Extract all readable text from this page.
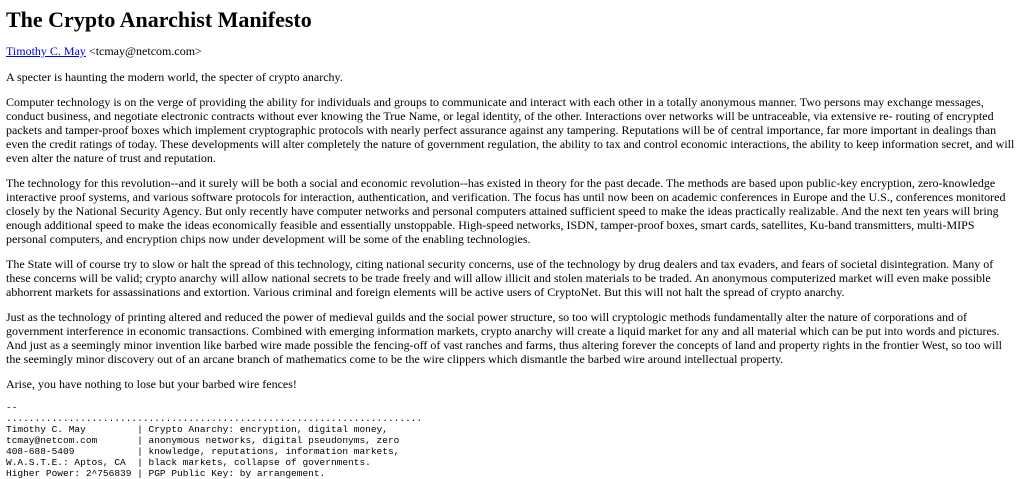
The Crypto Anarchist Manifesto
Timothy C. May <tcmay@netcom.com>

A specter is haunting the modern world, the specter of crypto anarchy.

Computer technology is on the verge of providing the ability for individuals and groups to communicate and interact with each other in a totally anonymous manner. Two persons may exchange messages, conduct business, and negotiate electronic contracts without ever knowing the True Name, or legal identity, of the other. Interactions over networks will be untraceable, via extensive re- routing of encrypted packets and tamper-proof boxes which implement cryptographic protocols with nearly perfect assurance against any tampering. Reputations will be of central importance, far more important in dealings than even the credit ratings of today. These developments will alter completely the nature of government regulation, the ability to tax and control economic interactions, the ability to keep information secret, and will even alter the nature of trust and reputation.

The technology for this revolution--and it surely will be both a social and economic revolution--has existed in theory for the past decade. The methods are based upon public-key encryption, zero-knowledge interactive proof systems, and various software protocols for interaction, authentication, and verification. The focus has until now been on academic conferences in Europe and the U.S., conferences monitored closely by the National Security Agency. But only recently have computer networks and personal computers attained sufficient speed to make the ideas practically realizable. And the next ten years will bring enough additional speed to make the ideas economically feasible and essentially unstoppable. High-speed networks, ISDN, tamper-proof boxes, smart cards, satellites, Ku-band transmitters, multi-MIPS personal computers, and encryption chips now under development will be some of the enabling technologies.

The State will of course try to slow or halt the spread of this technology, citing national security concerns, use of the technology by drug dealers and tax evaders, and fears of societal disintegration. Many of these concerns will be valid; crypto anarchy will allow national secrets to be trade freely and will allow illicit and stolen materials to be traded. An anonymous computerized market will even make possible abhorrent markets for assassinations and extortion. Various criminal and foreign elements will be active users of CryptoNet. But this will not halt the spread of crypto anarchy.

Just as the technology of printing altered and reduced the power of medieval guilds and the social power structure, so too will cryptologic methods fundamentally alter the nature of corporations and of government interference in economic transactions. Combined with emerging information markets, crypto anarchy will create a liquid market for any and all material which can be put into words and pictures. And just as a seemingly minor invention like barbed wire made possible the fencing-off of vast ranches and farms, thus altering forever the concepts of land and property rights in the frontier West, so too will the seemingly minor discovery out of an arcane branch of mathematics come to be the wire clippers which dismantle the barbed wire around intellectual property.

Arise, you have nothing to lose but your barbed wire fences!

--
.........................................................................
Timothy C. May         | Crypto Anarchy: encryption, digital money,
tcmay@netcom.com       | anonymous networks, digital pseudonyms, zero
408-688-5409           | knowledge, reputations, information markets,
W.A.S.T.E.: Aptos, CA  | black markets, collapse of governments.
Higher Power: 2^756839 | PGP Public Key: by arrangement.
